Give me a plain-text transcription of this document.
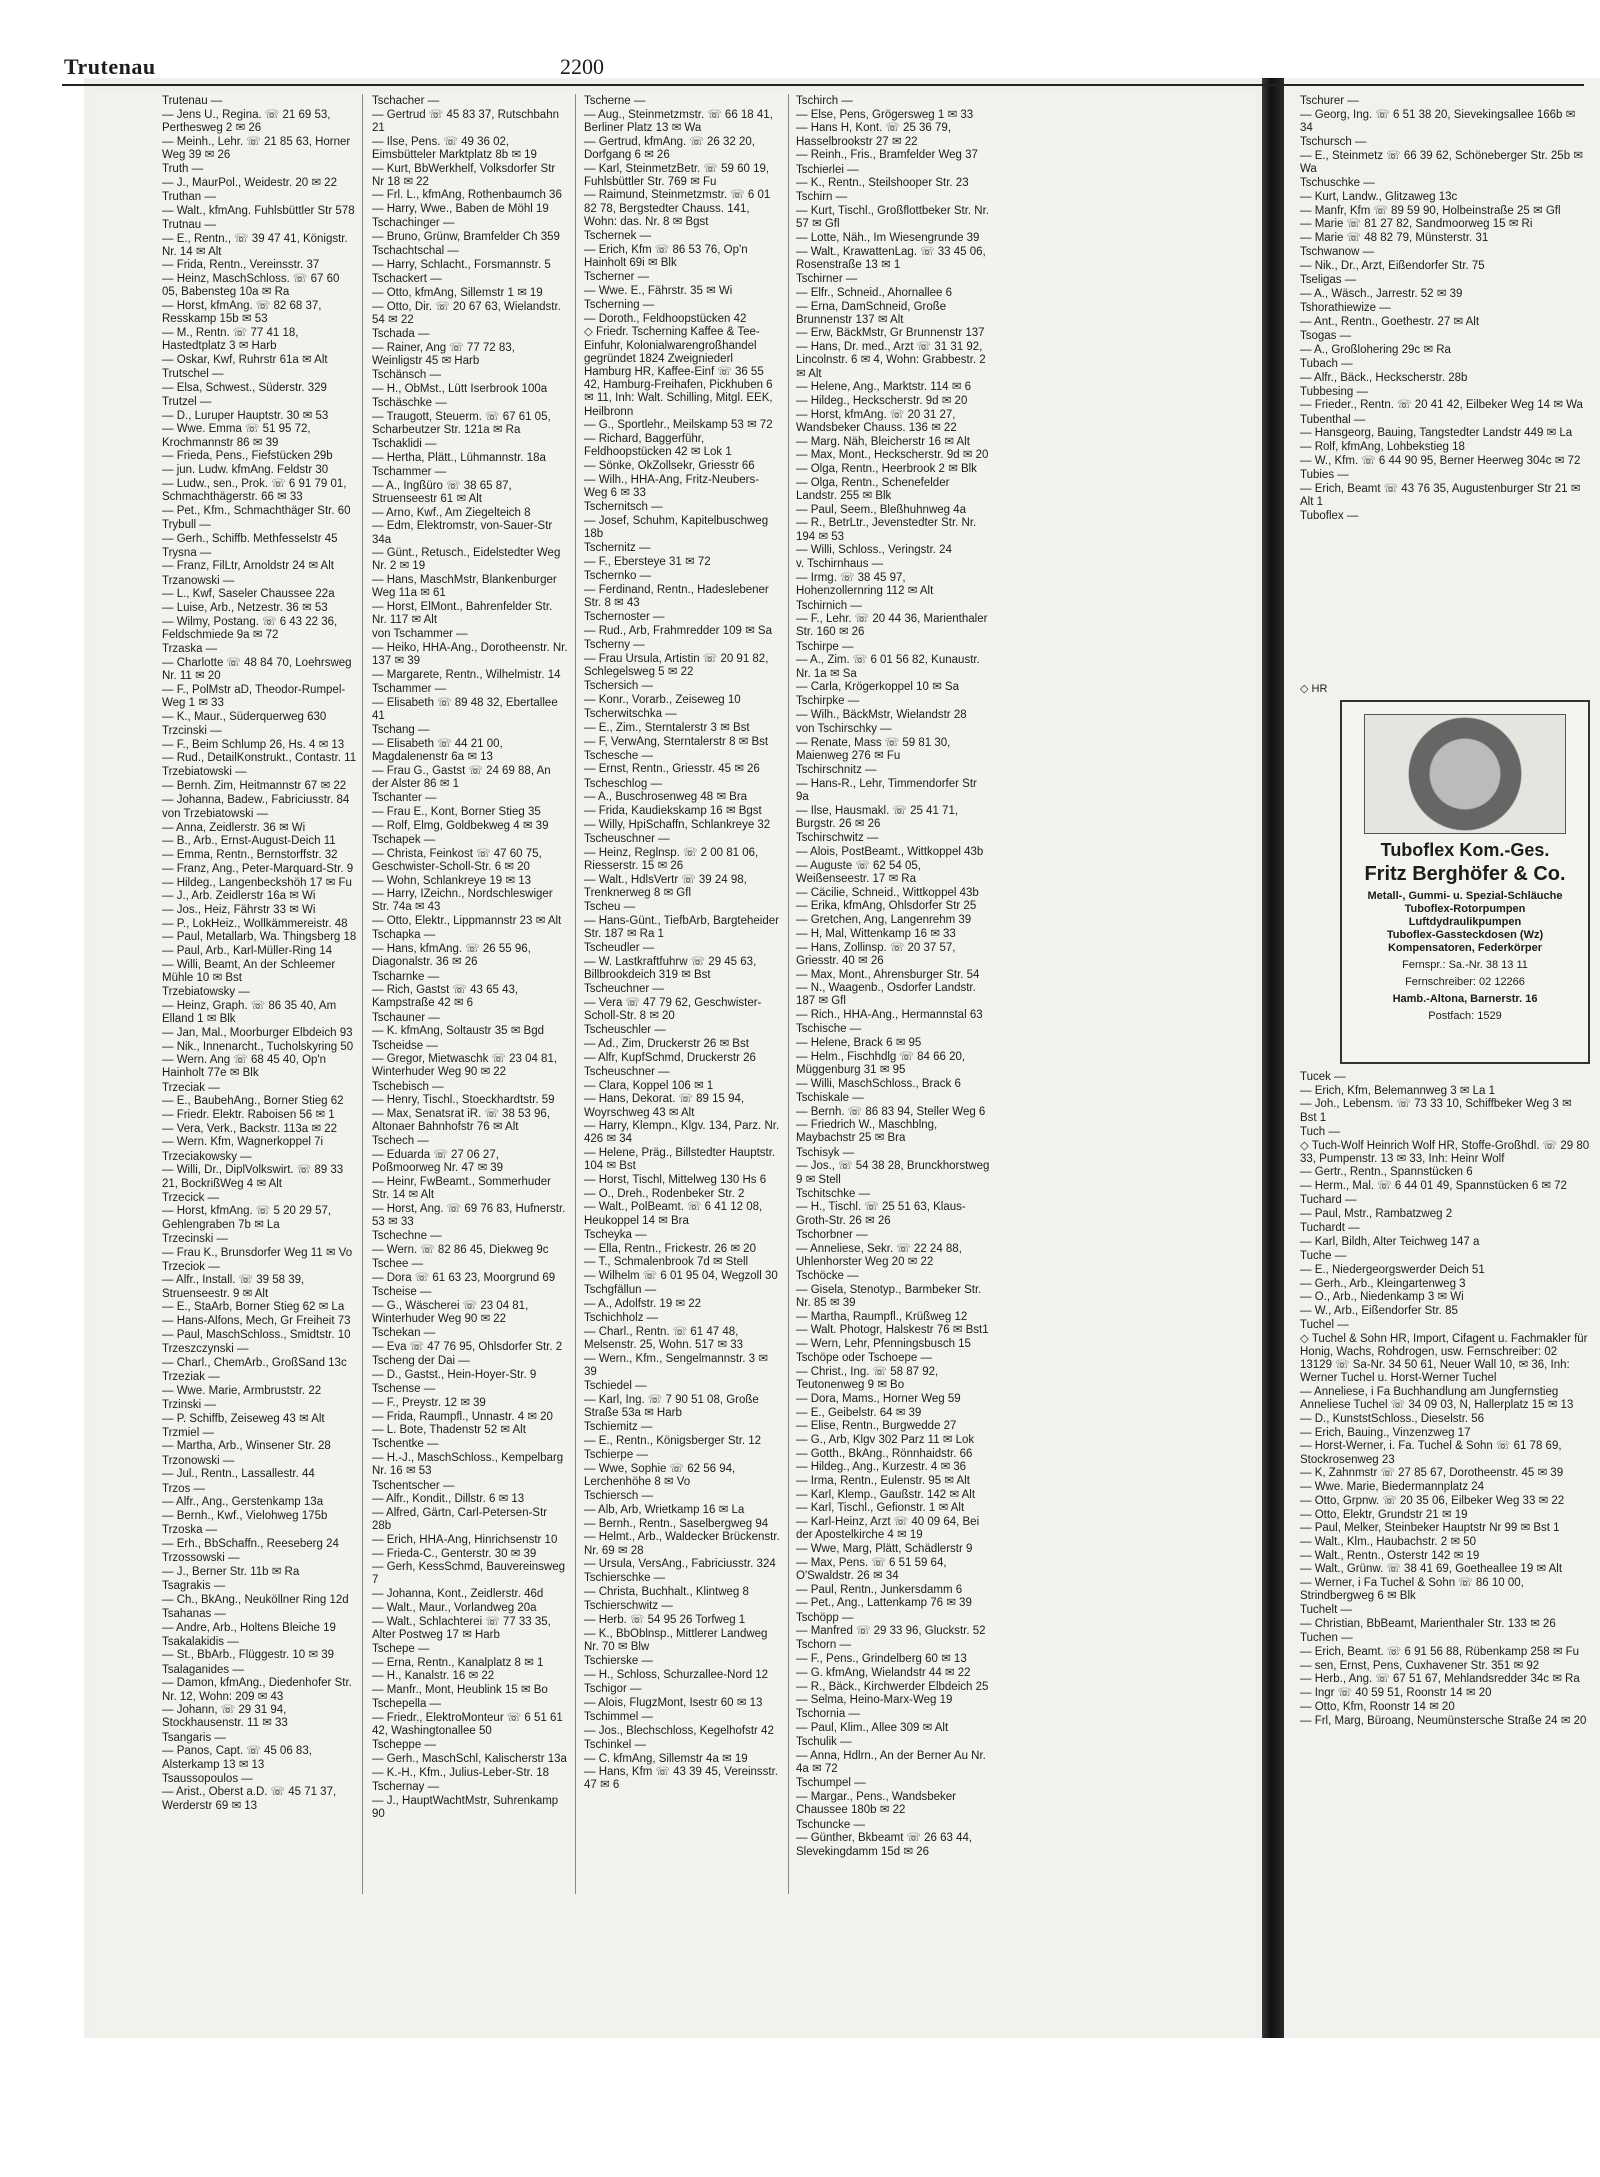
Trutenau	2200
Trutenau —
— Jens U., Regina. ☏ 21 69 53, Perthesweg 2 ✉ 26
— Meinh., Lehr. ☏ 21 85 63, Horner Weg 39 ✉ 26
Truth —
— J., MaurPol., Weidestr. 20 ✉ 22
Truthan —
— Walt., kfmAng. Fuhlsbüttler Str 578
Trutnau —
— E., Rentn., ☏ 39 47 41, Königstr. Nr. 14 ✉ Alt
— Frida, Rentn., Vereinsstr. 37
— Heinz, MaschSchloss. ☏ 67 60 05, Babensteg 10a ✉ Ra
— Horst, kfmAng. ☏ 82 68 37, Resskamp 15b ✉ 53
— M., Rentn. ☏ 77 41 18, Hastedtplatz 3 ✉ Harb
— Oskar, Kwf, Ruhrstr 61a ✉ Alt
Trutschel —
— Elsa, Schwest., Süderstr. 329
Trutzel —
— D., Luruper Hauptstr. 30 ✉ 53
— Wwe. Emma ☏ 51 95 72, Krochmannstr 86 ✉ 39
— Frieda, Pens., Fiefstücken 29b
— jun. Ludw. kfmAng. Feldstr 30
— Ludw., sen., Prok. ☏ 6 91 79 01, Schmachthägerstr. 66 ✉ 33
— Pet., Kfm., Schmachthäger Str. 60
Trybull —
— Gerh., Schiffb. Methfesselstr 45
Trysna —
— Franz, FilLtr, Arnoldstr 24 ✉ Alt
Trzanowski —
— L., Kwf, Saseler Chaussee 22a
— Luise, Arb., Netzestr. 36 ✉ 53
— Wilmy, Postang. ☏ 6 43 22 36, Feldschmiede 9a ✉ 72
Trzaska —
— Charlotte ☏ 48 84 70, Loehrsweg Nr. 11 ✉ 20
— F., PolMstr aD, Theodor-Rumpel-Weg 1 ✉ 33
— K., Maur., Süderquerweg 630
Trzcinski —
— F., Beim Schlump 26, Hs. 4 ✉ 13
— Rud., DetailKonstrukt., Contastr. 11
Trzebiatowski —
— Bernh. Zim, Heitmannstr 67 ✉ 22
— Johanna, Badew., Fabriciusstr. 84
von Trzebiatowski —
— Anna, Zeidlerstr. 36 ✉ Wi
— B., Arb., Ernst-August-Deich 11
— Emma, Rentn., Bernstorffstr. 32
— Franz, Ang., Peter-Marquard-Str. 9
— Hildeg., Langenbeckshöh 17 ✉ Fu
— J., Arb. Zeidlerstr 16a ✉ Wi
— Jos., Heiz, Fährstr 33 ✉ Wi
— P., LokHeiz., Wollkämmereistr. 48
— Paul, Metallarb, Wa. Thingsberg 18
— Paul, Arb., Karl-Müller-Ring 14
— Willi, Beamt, An der Schleemer Mühle 10 ✉ Bst
Trzebiatowsky —
— Heinz, Graph. ☏ 86 35 40, Am Elland 1 ✉ Blk
— Jan, Mal., Moorburger Elbdeich 93
— Nik., Innenarcht., Tucholskyring 50
— Wern. Ang ☏ 68 45 40, Op'n Hainholt 77e ✉ Blk
Trzeciak —
— E., BaubehAng., Borner Stieg 62
— Friedr. Elektr. Raboisen 56 ✉ 1
— Vera, Verk., Backstr. 113a ✉ 22
— Wern. Kfm, Wagnerkoppel 7i
Trzeciakowsky —
— Willi, Dr., DiplVolkswirt. ☏ 89 33 21, BockrißWeg 4 ✉ Alt
Trzecick —
— Horst, kfmAng. ☏ 5 20 29 57, Gehlengraben 7b ✉ La
Trzecinski —
— Frau K., Brunsdorfer Weg 11 ✉ Vo
Trzeciok —
— Alfr., Install. ☏ 39 58 39, Struenseestr. 9 ✉ Alt
— E., StaArb, Borner Stieg 62 ✉ La
— Hans-Alfons, Mech, Gr Freiheit 73
— Paul, MaschSchloss., Smidtstr. 10
Trzeszczynski —
— Charl., ChemArb., GroßSand 13c
Trzeziak —
— Wwe. Marie, Armbruststr. 22
Trzinski —
— P. Schiffb, Zeiseweg 43 ✉ Alt
Trzmiel —
— Martha, Arb., Winsener Str. 28
Trzonowski —
— Jul., Rentn., Lassallestr. 44
Trzos —
— Alfr., Ang., Gerstenkamp 13a
— Bernh., Kwf., Vielohweg 175b
Trzoska —
— Erh., BbSchaffn., Reeseberg 24
Trzossowski —
— J., Berner Str. 11b ✉ Ra
Tsagrakis —
— Ch., BkAng., Neuköllner Ring 12d
Tsahanas —
— Andre, Arb., Holtens Bleiche 19
Tsakalakidis —
— St., BbArb., Flüggestr. 10 ✉ 39
Tsalaganides —
— Damon, kfmAng., Diedenhofer Str. Nr. 12, Wohn: 209 ✉ 43
— Johann, ☏ 29 31 94, Stockhausenstr. 11 ✉ 33
Tsangaris —
— Panos, Capt. ☏ 45 06 83, Alsterkamp 13 ✉ 13
Tsaussopoulos —
— Arist., Oberst a.D. ☏ 45 71 37, Werderstr 69 ✉ 13
Tschacher —
— Gertrud ☏ 45 83 37, Rutschbahn 21
— Ilse, Pens. ☏ 49 36 02, Eimsbütteler Marktplatz 8b ✉ 19
— Kurt, BbWerkhelf, Volksdorfer Str Nr 18 ✉ 22
— Frl. L., kfmAng, Rothenbaumch 36
— Harry, Wwe., Baben de Möhl 19
Tschachinger —
— Bruno, Grünw, Bramfelder Ch 359
Tschachtschal —
— Harry, Schlacht., Forsmannstr. 5
Tschackert —
— Otto, kfmAng, Sillemstr 1 ✉ 19
— Otto, Dir. ☏ 20 67 63, Wielandstr. 54 ✉ 22
Tschada —
— Rainer, Ang ☏ 77 72 83, Weinligstr 45 ✉ Harb
Tschänsch —
— H., ObMst., Lütt Iserbrook 100a
Tschäschke —
— Traugott, Steuerm. ☏ 67 61 05, Scharbeutzer Str. 121a ✉ Ra
Tschaklidi —
— Hertha, Plätt., Lühmannstr. 18a
Tschammer —
— A., Ingßüro ☏ 38 65 87, Struenseestr 61 ✉ Alt
— Arno, Kwf., Am Ziegelteich 8
— Edm, Elektromstr, von-Sauer-Str 34a
— Günt., Retusch., Eidelstedter Weg Nr. 2 ✉ 19
— Hans, MaschMstr, Blankenburger Weg 11a ✉ 61
— Horst, ElMont., Bahrenfelder Str. Nr. 117 ✉ Alt
von Tschammer —
— Heiko, HHA-Ang., Dorotheenstr. Nr. 137 ✉ 39
— Margarete, Rentn., Wilhelmistr. 14
Tschammer —
— Elisabeth ☏ 89 48 32, Ebertallee 41
Tschang —
— Elisabeth ☏ 44 21 00, Magdalenenstr 6a ✉ 13
— Frau G., Gastst ☏ 24 69 88, An der Alster 86 ✉ 1
Tschanter —
— Frau E., Kont, Borner Stieg 35
— Rolf, Elmg, Goldbekweg 4 ✉ 39
Tschapek —
— Christa, Feinkost ☏ 47 60 75, Geschwister-Scholl-Str. 6 ✉ 20
— Wohn, Schlankreye 19 ✉ 13
— Harry, IZeichn., Nordschleswiger Str. 74a ✉ 43
— Otto, Elektr., Lippmannstr 23 ✉ Alt
Tschapka —
— Hans, kfmAng. ☏ 26 55 96, Diagonalstr. 36 ✉ 26
Tscharnke —
— Rich, Gastst ☏ 43 65 43, Kampstraße 42 ✉ 6
Tschauner —
— K. kfmAng, Soltaustr 35 ✉ Bgd
Tscheidse —
— Gregor, Mietwaschk ☏ 23 04 81, Winterhuder Weg 90 ✉ 22
Tschebisch —
— Henry, Tischl., Stoeckhardtstr. 59
— Max, Senatsrat iR. ☏ 38 53 96, Altonaer Bahnhofstr 76 ✉ Alt
Tschech —
— Eduarda ☏ 27 06 27, Poßmoorweg Nr. 47 ✉ 39
— Heinr, FwBeamt., Sommerhuder Str. 14 ✉ Alt
— Horst, Ang. ☏ 69 76 83, Hufnerstr. 53 ✉ 33
Tschechne —
— Wern. ☏ 82 86 45, Diekweg 9c
Tschee —
— Dora ☏ 61 63 23, Moorgrund 69
Tscheise —
— G., Wäscherei ☏ 23 04 81, Winterhuder Weg 90 ✉ 22
Tschekan —
— Eva ☏ 47 76 95, Ohlsdorfer Str. 2
Tscheng der Dai —
— D., Gastst., Hein-Hoyer-Str. 9
Tschense —
— F., Preystr. 12 ✉ 39
— Frida, Raumpfl., Unnastr. 4 ✉ 20
— L. Bote, Thadenstr 52 ✉ Alt
Tschentke —
— H.-J., MaschSchloss., Kempelbarg Nr. 16 ✉ 53
Tschentscher —
— Alfr., Kondit., Dillstr. 6 ✉ 13
— Alfred, Gärtn, Carl-Petersen-Str 28b
— Erich, HHA-Ang, Hinrichsenstr 10
— Frieda-C., Genterstr. 30 ✉ 39
— Gerh, KessSchmd, Bauvereinsweg 7
— Johanna, Kont., Zeidlerstr. 46d
— Walt., Maur., Vorlandweg 20a
— Walt., Schlachterei ☏ 77 33 35, Alter Postweg 17 ✉ Harb
Tschepe —
— Erna, Rentn., Kanalplatz 8 ✉ 1
— H., Kanalstr. 16 ✉ 22
— Manfr., Mont, Heublink 15 ✉ Bo
Tschepella —
— Friedr., ElektroMonteur ☏ 6 51 61 42, Washingtonallee 50
Tscheppe —
— Gerh., MaschSchl, Kalischerstr 13a
— K.-H., Kfm., Julius-Leber-Str. 18
Tschernay —
— J., HauptWachtMstr, Suhrenkamp 90
Tscherne —
— Aug., Steinmetzmstr. ☏ 66 18 41, Berliner Platz 13 ✉ Wa
— Gertrud, kfmAng. ☏ 26 32 20, Dorfgang 6 ✉ 26
— Karl, SteinmetzBetr. ☏ 59 60 19, Fuhlsbüttler Str. 769 ✉ Fu
— Raimund, Steinmetzmstr. ☏ 6 01 82 78, Bergstedter Chauss. 141, Wohn: das. Nr. 8 ✉ Bgst
Tschernek —
— Erich, Kfm ☏ 86 53 76, Op'n Hainholt 69i ✉ Blk
Tscherner —
— Wwe. E., Fährstr. 35 ✉ Wi
Tscherning —
— Doroth., Feldhoopstücken 42
◇ Friedr. Tscherning Kaffee & Tee-Einfuhr, Kolonialwarengroßhandel gegründet 1824 Zweigniederl Hamburg HR, Kaffee-Einf ☏ 36 55 42, Hamburg-Freihafen, Pickhuben 6 ✉ 11, Inh: Walt. Schilling, Mitgl. EEK, Heilbronn
— G., Sportlehr., Meilskamp 53 ✉ 72
— Richard, Baggerführ, Feldhoopstücken 42 ✉ Lok 1
— Sönke, OkZollsekr, Griesstr 66
— Wilh., HHA-Ang, Fritz-Neubers-Weg 6 ✉ 33
Tschernitsch —
— Josef, Schuhm, Kapitelbuschweg 18b
Tschernitz —
— F., Ebersteye 31 ✉ 72
Tschernko —
— Ferdinand, Rentn., Hadeslebener Str. 8 ✉ 43
Tschernoster —
— Rud., Arb, Frahmredder 109 ✉ Sa
Tscherny —
— Frau Ursula, Artistin ☏ 20 91 82, Schlegelsweg 5 ✉ 22
Tschersich —
— Konr., Vorarb., Zeiseweg 10
Tscherwitschka —
— E., Zim., Sterntalerstr 3 ✉ Bst
— F, VerwAng, Sterntalerstr 8 ✉ Bst
Tschesche —
— Ernst, Rentn., Griesstr. 45 ✉ 26
Tscheschlog —
— A., Buschrosenweg 48 ✉ Bra
— Frida, Kaudiekskamp 16 ✉ Bgst
— Willy, HpiSchaffn, Schlankreye 32
Tscheuschner —
— Heinz, Reglnsp. ☏ 2 00 81 06, Riesserstr. 15 ✉ 26
— Walt., HdlsVertr ☏ 39 24 98, Trenknerweg 8 ✉ Gfl
Tscheu —
— Hans-Günt., TiefbArb, Bargteheider Str. 187 ✉ Ra 1
Tscheudler —
— W. Lastkraftfuhrw ☏ 29 45 63, Billbrookdeich 319 ✉ Bst
Tscheuchner —
— Vera ☏ 47 79 62, Geschwister-Scholl-Str. 8 ✉ 20
Tscheuschler —
— Ad., Zim, Druckerstr 26 ✉ Bst
— Alfr, KupfSchmd, Druckerstr 26
Tscheuschner —
— Clara, Koppel 106 ✉ 1
— Hans, Dekorat. ☏ 89 15 94, Woyrschweg 43 ✉ Alt
— Harry, Klempn., Klgv. 134, Parz. Nr. 426 ✉ 34
— Helene, Präg., Billstedter Hauptstr. 104 ✉ Bst
— Horst, Tischl, Mittelweg 130 Hs 6
— O., Dreh., Rodenbeker Str. 2
— Walt., PolBeamt. ☏ 6 41 12 08, Heukoppel 14 ✉ Bra
Tscheyka —
— Ella, Rentn., Frickestr. 26 ✉ 20
— T., Schmalenbrook 7d ✉ Stell
— Wilhelm ☏ 6 01 95 04, Wegzoll 30
Tschgfällun —
— A., Adolfstr. 19 ✉ 22
Tschichholz —
— Charl., Rentn. ☏ 61 47 48, Melsenstr. 25, Wohn. 517 ✉ 33
— Wern., Kfm., Sengelmannstr. 3 ✉ 39
Tschiedel —
— Karl, Ing. ☏ 7 90 51 08, Große Straße 53a ✉ Harb
Tschiemitz —
— E., Rentn., Königsberger Str. 12
Tschierpe —
— Wwe, Sophie ☏ 62 56 94, Lerchenhöhe 8 ✉ Vo
Tschiersch —
— Alb, Arb, Wrietkamp 16 ✉ La
— Bernh., Rentn., Saselbergweg 94
— Helmt., Arb., Waldecker Brückenstr. Nr. 69 ✉ 28
— Ursula, VersAng., Fabriciusstr. 324
Tschierschke —
— Christa, Buchhalt., Klintweg 8
Tschierschwitz —
— Herb. ☏ 54 95 26 Torfweg 1
— K., BbOblnsp., Mittlerer Landweg Nr. 70 ✉ Blw
Tschierske —
— H., Schloss, Schurzallee-Nord 12
Tschigor —
— Alois, FlugzMont, Isestr 60 ✉ 13
Tschimmel —
— Jos., Blechschloss, Kegelhofstr 42
Tschinkel —
— C. kfmAng, Sillemstr 4a ✉ 19
— Hans, Kfm ☏ 43 39 45, Vereinsstr. 47 ✉ 6
Tschirch —
— Else, Pens, Grögersweg 1 ✉ 33
— Hans H, Kont. ☏ 25 36 79, Hasselbrookstr 27 ✉ 22
— Reinh., Fris., Bramfelder Weg 37
Tschierlei —
— K., Rentn., Steilshooper Str. 23
Tschirn —
— Kurt, Tischl., Großflottbeker Str. Nr. 57 ✉ Gfl
— Lotte, Näh., Im Wiesengrunde 39
— Walt., KrawattenLag. ☏ 33 45 06, Rosenstraße 13 ✉ 1
Tschirner —
— Elfr., Schneid., Ahornallee 6
— Erna, DamSchneid, Große Brunnenstr 137 ✉ Alt
— Erw, BäckMstr, Gr Brunnenstr 137
— Hans, Dr. med., Arzt ☏ 31 31 92, Lincolnstr. 6 ✉ 4, Wohn: Grabbestr. 2 ✉ Alt
— Helene, Ang., Marktstr. 114 ✉ 6
— Hildeg., Heckscherstr. 9d ✉ 20
— Horst, kfmAng. ☏ 20 31 27, Wandsbeker Chauss. 136 ✉ 22
— Marg. Näh, Bleicherstr 16 ✉ Alt
— Max, Mont., Heckscherstr. 9d ✉ 20
— Olga, Rentn., Heerbrook 2 ✉ Blk
— Olga, Rentn., Schenefelder Landstr. 255 ✉ Blk
— Paul, Seem., Bleßhuhnweg 4a
— R., BetrLtr., Jevenstedter Str. Nr. 194 ✉ 53
— Willi, Schloss., Veringstr. 24
v. Tschirnhaus —
— Irmg. ☏ 38 45 97, Hohenzollernring 112 ✉ Alt
Tschirnich —
— F., Lehr. ☏ 20 44 36, Marienthaler Str. 160 ✉ 26
Tschirpe —
— A., Zim. ☏ 6 01 56 82, Kunaustr. Nr. 1a ✉ Sa
— Carla, Krögerkoppel 10 ✉ Sa
Tschirpke —
— Wilh., BäckMstr, Wielandstr 28
von Tschirschky —
— Renate, Mass ☏ 59 81 30, Maienweg 276 ✉ Fu
Tschirschnitz —
— Hans-R., Lehr, Timmendorfer Str 9a
— Ilse, Hausmakl. ☏ 25 41 71, Burgstr. 26 ✉ 26
Tschirschwitz —
— Alois, PostBeamt., Wittkoppel 43b
— Auguste ☏ 62 54 05, Weißenseestr. 17 ✉ Ra
— Cäcilie, Schneid., Wittkoppel 43b
— Erika, kfmAng, Ohlsdorfer Str 25
— Gretchen, Ang, Langenrehm 39
— H, Mal, Wittenkamp 16 ✉ 33
— Hans, Zollinsp. ☏ 20 37 57, Griesstr. 40 ✉ 26
— Max, Mont., Ahrensburger Str. 54
— N., Waagenb., Osdorfer Landstr. 187 ✉ Gfl
— Rich., HHA-Ang., Hermannstal 63
Tschische —
— Helene, Brack 6 ✉ 95
— Helm., Fischhdlg ☏ 84 66 20, Müggenburg 31 ✉ 95
— Willi, MaschSchloss., Brack 6
Tschiskale —
— Bernh. ☏ 86 83 94, Steller Weg 6
— Friedrich W., Maschblng, Maybachstr 25 ✉ Bra
Tschisyk —
— Jos., ☏ 54 38 28, Brunckhorstweg 9 ✉ Stell
Tschitschke —
— H., Tischl. ☏ 25 51 63, Klaus-Groth-Str. 26 ✉ 26
Tschorbner —
— Anneliese, Sekr. ☏ 22 24 88, Uhlenhorster Weg 20 ✉ 22
Tschöcke —
— Gisela, Stenotyp., Barmbeker Str. Nr. 85 ✉ 39
— Martha, Raumpfl., Krüßweg 12
— Walt. Photogr, Halskestr 76 ✉ Bst1
— Wern, Lehr, Pfenningsbusch 15
Tschöpe oder Tschoepe —
— Christ., Ing. ☏ 58 87 92, Teutonenweg 9 ✉ Bo
— Dora, Mams., Horner Weg 59
— E., Geibelstr. 64 ✉ 39
— Elise, Rentn., Burgwedde 27
— G., Arb, Klgv 302 Parz 11 ✉ Lok
— Gotth., BkAng., Rönnhaidstr. 66
— Hildeg., Ang., Kurzestr. 4 ✉ 36
— Irma, Rentn., Eulenstr. 95 ✉ Alt
— Karl, Klemp., Gaußstr. 142 ✉ Alt
— Karl, Tischl., Gefionstr. 1 ✉ Alt
— Karl-Heinz, Arzt ☏ 40 09 64, Bei der Apostelkirche 4 ✉ 19
— Wwe, Marg, Plätt, Schädlerstr 9
— Max, Pens. ☏ 6 51 59 64, O'Swaldstr. 26 ✉ 34
— Paul, Rentn., Junkersdamm 6
— Pet., Ang., Lattenkamp 76 ✉ 39
Tschöpp —
— Manfred ☏ 29 33 96, Gluckstr. 52
Tschorn —
— F., Pens., Grindelberg 60 ✉ 13
— G. kfmAng, Wielandstr 44 ✉ 22
— R., Bäck., Kirchwerder Elbdeich 25
— Selma, Heino-Marx-Weg 19
Tschornia —
— Paul, Klim., Allee 309 ✉ Alt
Tschulik —
— Anna, Hdlrn., An der Berner Au Nr. 4a ✉ 72
Tschumpel —
— Margar., Pens., Wandsbeker Chaussee 180b ✉ 22
Tschuncke —
— Günther, Bkbeamt ☏ 26 63 44, Slevekingdamm 15d ✉ 26
Tschurer —
— Georg, Ing. ☏ 6 51 38 20, Sievekingsallee 166b ✉ 34
Tschursch —
— E., Steinmetz ☏ 66 39 62, Schöneberger Str. 25b ✉ Wa
Tschuschke —
— Kurt, Landw., Glitzaweg 13c
— Manfr, Kfm ☏ 89 59 90, Holbeinstraße 25 ✉ Gfl
— Marie ☏ 81 27 82, Sandmoorweg 15 ✉ Ri
— Marie ☏ 48 82 79, Münsterstr. 31
Tschwanow —
— Nik., Dr., Arzt, Eißendorfer Str. 75
Tseligas —
— A., Wäsch., Jarrestr. 52 ✉ 39
Tshorathiewize —
— Ant., Rentn., Goethestr. 27 ✉ Alt
Tsogas —
— A., Großlohering 29c ✉ Ra
Tubach —
— Alfr., Bäck., Heckscherstr. 28b
Tubbesing —
— Frieder., Rentn. ☏ 20 41 42, Eilbeker Weg 14 ✉ Wa
Tubenthal —
— Hansgeorg, Bauing, Tangstedter Landstr 449 ✉ La
— Rolf, kfmAng, Lohbekstieg 18
— W., Kfm. ☏ 6 44 90 95, Berner Heerweg 304c ✉ 72
Tubies —
— Erich, Beamt ☏ 43 76 35, Augustenburger Str 21 ✉ Alt 1
Tuboflex —
Tuboflex Kom.-Ges.
Fritz Berghöfer & Co.
Metall-, Gummi- u. Spezial-Schläuche
Tuboflex-Rotorpumpen
Luftdydraulikpumpen
Tuboflex-Gassteckdosen (Wz)
Kompensatoren, Federkörper
Fernspr.: Sa.-Nr. 38 13 11
Fernschreiber: 02 12266
Hamb.-Altona, Barnerstr. 16
Postfach: 1529
◇ HR
Tucek —
— Erich, Kfm, Belemannweg 3 ✉ La 1
— Joh., Lebensm. ☏ 73 33 10, Schiffbeker Weg 3 ✉ Bst 1
Tuch —
◇ Tuch-Wolf Heinrich Wolf HR, Stoffe-Großhdl. ☏ 29 80 33, Pumpenstr. 13 ✉ 33, Inh: Heinr Wolf
— Gertr., Rentn., Spannstücken 6
— Herm., Mal. ☏ 6 44 01 49, Spannstücken 6 ✉ 72
Tuchard —
— Paul, Mstr., Rambatzweg 2
Tuchardt —
— Karl, Bildh, Alter Teichweg 147 a
Tuche —
— E., Niedergeorgswerder Deich 51
— Gerh., Arb., Kleingartenweg 3
— O., Arb., Niedenkamp 3 ✉ Wi
— W., Arb., Eißendorfer Str. 85
Tuchel —
◇ Tuchel & Sohn HR, Import, Cifagent u. Fachmakler für Honig, Wachs, Rohdrogen, usw. Fernschreiber: 02 13129 ☏ Sa-Nr. 34 50 61, Neuer Wall 10, ✉ 36, Inh: Werner Tuchel u. Horst-Werner Tuchel
— Anneliese, i Fa Buchhandlung am Jungfernstieg Anneliese Tuchel ☏ 34 09 03, N, Hallerplatz 15 ✉ 13
— D., KunststSchloss., Dieselstr. 56
— Erich, Bauing., Vinzenzweg 17
— Horst-Werner, i. Fa. Tuchel & Sohn ☏ 61 78 69, Stockrosenweg 23
— K, Zahnmstr ☏ 27 85 67, Dorotheenstr. 45 ✉ 39
— Wwe. Marie, Biedermannplatz 24
— Otto, Grpnw. ☏ 20 35 06, Eilbeker Weg 33 ✉ 22
— Otto, Elektr, Grundstr 21 ✉ 19
— Paul, Melker, Steinbeker Hauptstr Nr 99 ✉ Bst 1
— Walt., Klm., Haubachstr. 2 ✉ 50
— Walt., Rentn., Osterstr 142 ✉ 19
— Walt., Grünw. ☏ 38 41 69, Goetheallee 19 ✉ Alt
— Werner, i Fa Tuchel & Sohn ☏ 86 10 00, Strindbergweg 6 ✉ Blk
Tuchelt —
— Christian, BbBeamt, Marienthaler Str. 133 ✉ 26
Tuchen —
— Erich, Beamt. ☏ 6 91 56 88, Rübenkamp 258 ✉ Fu
— sen, Ernst, Pens, Cuxhavener Str. 351 ✉ 92
— Herb., Ang. ☏ 67 51 67, Mehlandsredder 34c ✉ Ra
— Ingr ☏ 40 59 51, Roonstr 14 ✉ 20
— Otto, Kfm, Roonstr 14 ✉ 20
— Frl, Marg, Büroang, Neumünstersche Straße 24 ✉ 20
